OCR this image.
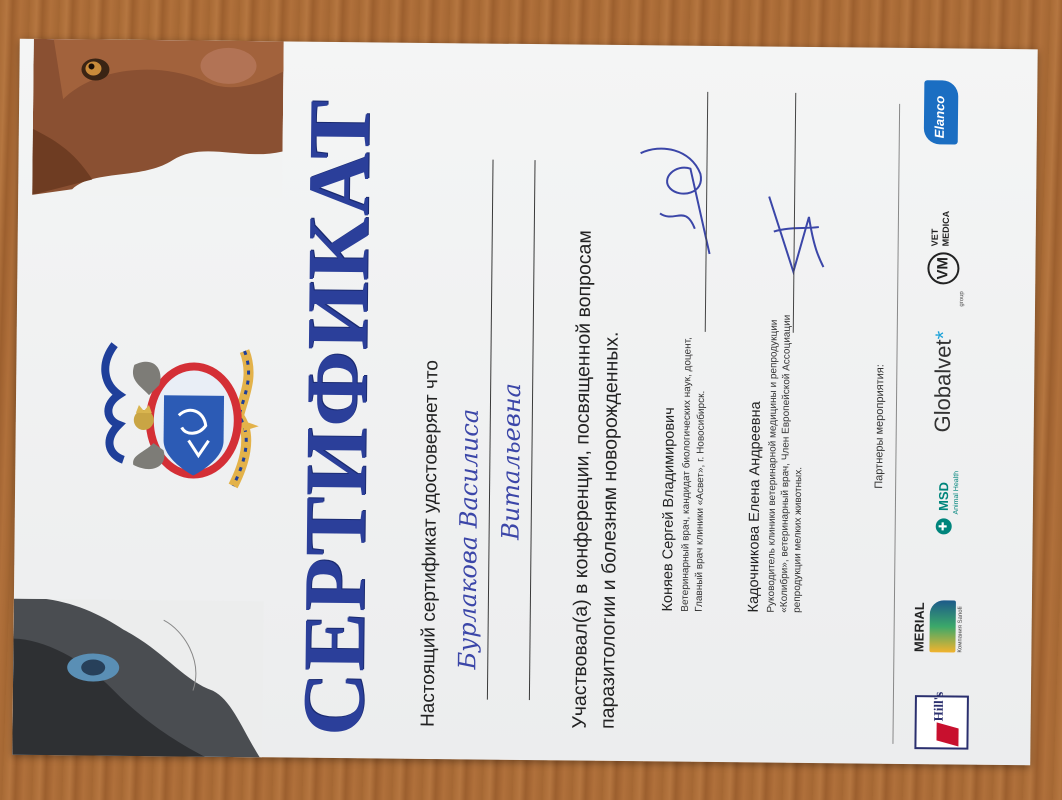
СЕРТИФИКАТ Настоящий сертификат удостоверяет что Бурлакова Василиса Витальевна Участвовал(а) в конференции, посвященной вопросам паразитологии и болезням новорожденных.	Коняев Сергей Владимирович Ветеринарный врач, кандидат биологических наук, доцент, Главный врач клиники «Асвет», г. Новосибирск.	Кадочникова Елена Андреевна Руководитель клиники ветеринарной медицины и репродукции
«Колибри», ветеринарный врач, Член Европейской Ассоциации
репродукции мелких животных.
Партнеры мероприятия:
Hill's
MERIAL	Компания Sanofi
✚ MSD Animal Health
Globalvet*
group
VM
VET
MEDICA
Elanco
